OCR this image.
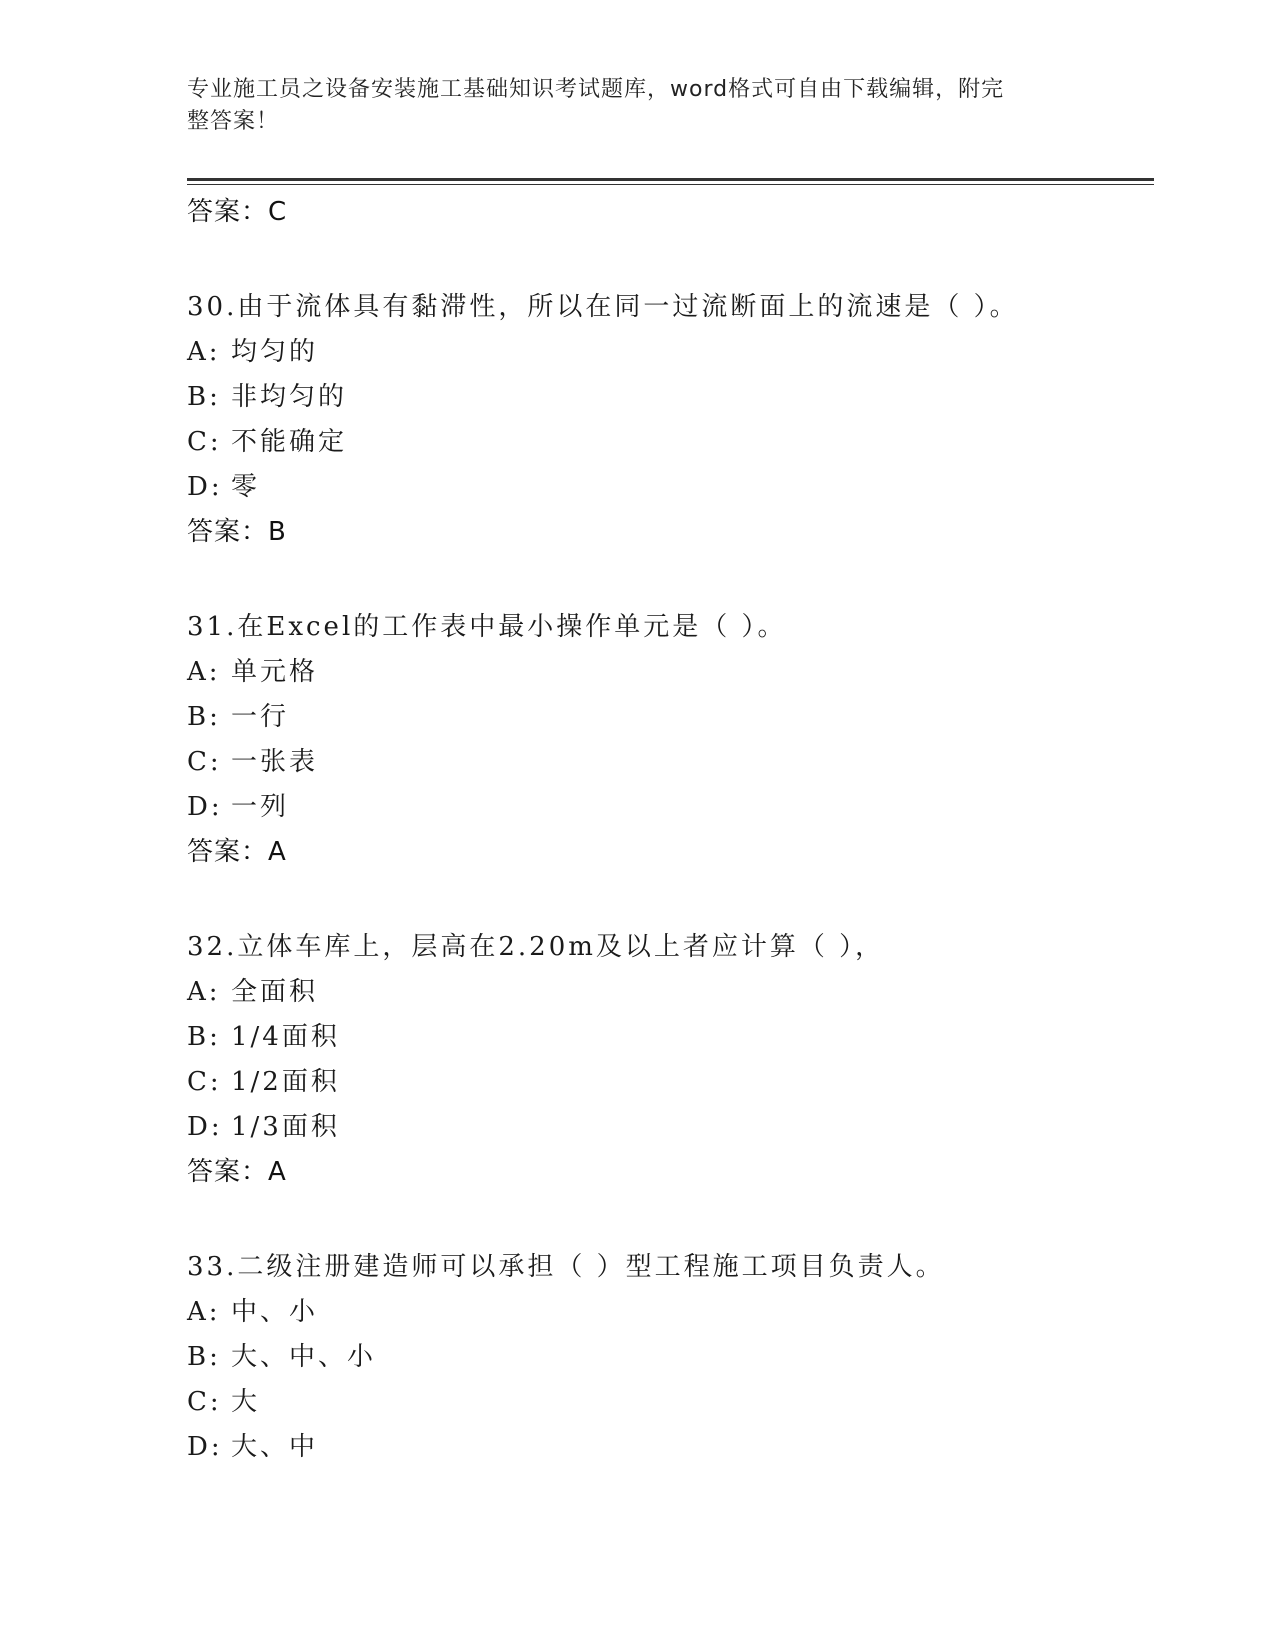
专业施工员之设备安装施工基础知识考试题库，word格式可自由下载编辑，附完
整答案！
答案：C
30.由于流体具有黏滞性，所以在同一过流断面上的流速是（ ）。
A: 均匀的
B: 非均匀的
C: 不能确定
D: 零
答案：B
31.在Excel的工作表中最小操作单元是（ ）。
A: 单元格
B: 一行
C: 一张表
D: 一列
答案：A
32.立体车库上，层高在2.20m及以上者应计算（ ），
A: 全面积
B: 1/4面积
C: 1/2面积
D: 1/3面积
答案：A
33.二级注册建造师可以承担（ ）型工程施工项目负责人。
A: 中、小
B: 大、中、小
C: 大
D: 大、中
